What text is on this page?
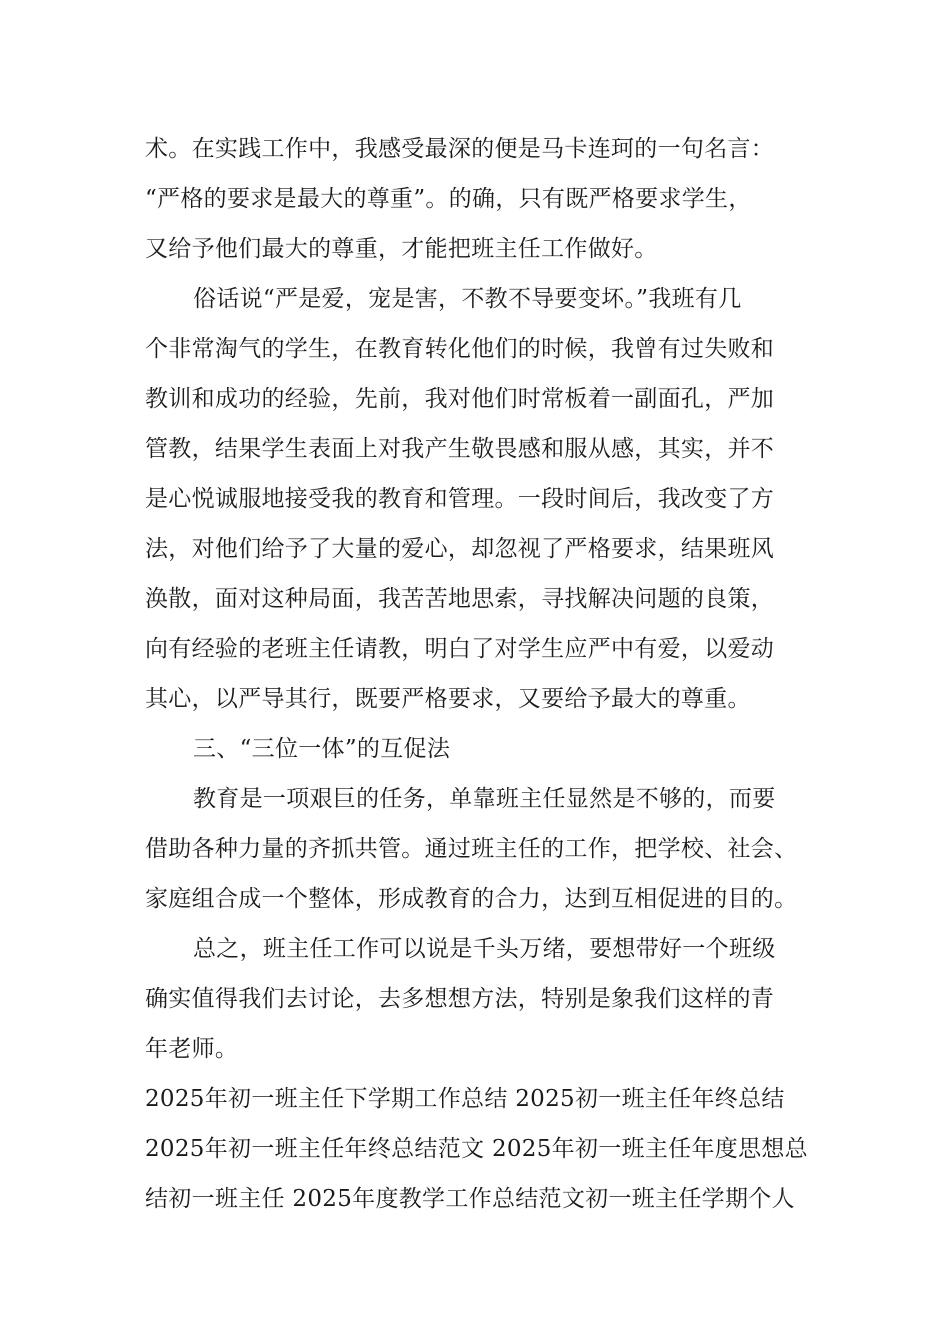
术。在实践工作中，我感受最深的便是马卡连珂的一句名言：
“严格的要求是最大的尊重”。的确，只有既严格要求学生，
又给予他们最大的尊重，才能把班主任工作做好。
俗话说“严是爱，宠是害，不教不导要变坏。”我班有几
个非常淘气的学生，在教育转化他们的时候，我曾有过失败和
教训和成功的经验，先前，我对他们时常板着一副面孔，严加
管教，结果学生表面上对我产生敬畏感和服从感，其实，并不
是心悦诚服地接受我的教育和管理。一段时间后，我改变了方
法，对他们给予了大量的爱心，却忽视了严格要求，结果班风
涣散，面对这种局面，我苦苦地思索，寻找解决问题的良策，
向有经验的老班主任请教，明白了对学生应严中有爱，以爱动
其心，以严导其行，既要严格要求，又要给予最大的尊重。
三、“三位一体”的互促法
教育是一项艰巨的任务，单靠班主任显然是不够的，而要
借助各种力量的齐抓共管。通过班主任的工作，把学校、社会、
家庭组合成一个整体，形成教育的合力，达到互相促进的目的。
总之，班主任工作可以说是千头万绪，要想带好一个班级
确实值得我们去讨论，去多想想方法，特别是象我们这样的青
年老师。
2025年初一班主任下学期工作总结 2025初一班主任年终总结
2025年初一班主任年终总结范文 2025年初一班主任年度思想总
结初一班主任 2025年度教学工作总结范文初一班主任学期个人
